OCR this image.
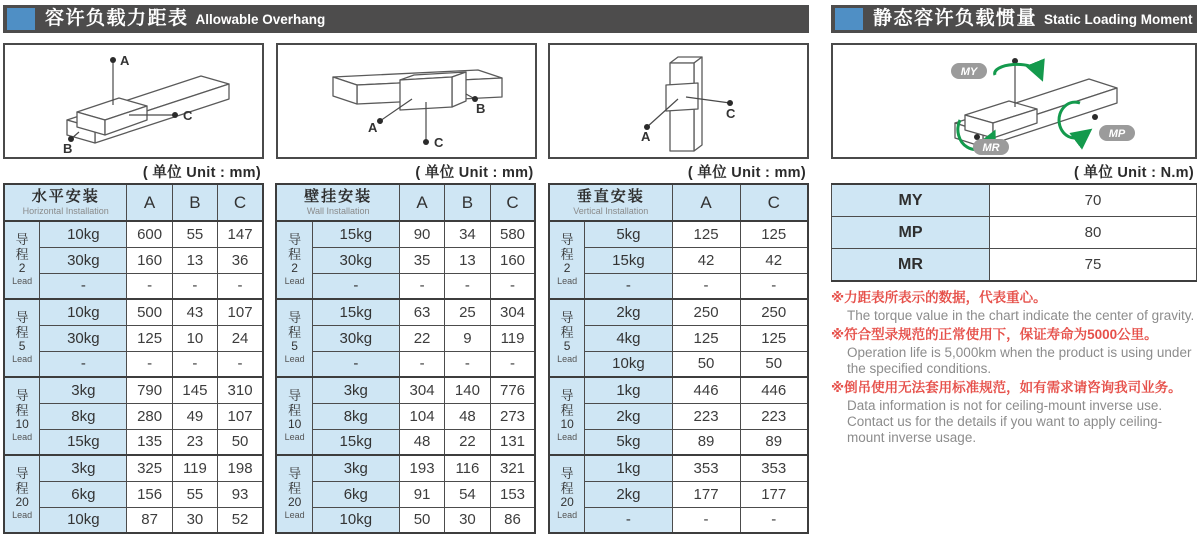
容许负载力距表 Allowable Overhang
A
C
B
( 单位 Unit : mm)
A
B
C
( 单位 Unit : mm)
A
C
( 单位 Unit : mm)
水平安装
Horizontal Installation		A	B	C

导
程
2
Lead	10kg	600	55	147
	30kg	160	13	36
	-	-	-	-

导
程
5
Lead	10kg	500	43	107
	30kg	125	10	24
	-	-	-	-

导
程
10
Lead	3kg	790	145	310
	8kg	280	49	107
	15kg	135	23	50

导
程
20
Lead	3kg	325	119	198
	6kg	156	55	93
	10kg	87	30	52
壁挂安装
Wall Installation		A	B	C

导
程
2
Lead	15kg	90	34	580
	30kg	35	13	160
	-	-	-	-

导
程
5
Lead	15kg	63	25	304
	30kg	22	9	119
	-	-	-	-

导
程
10
Lead	3kg	304	140	776
	8kg	104	48	273
	15kg	48	22	131

导
程
20
Lead	3kg	193	116	321
	6kg	91	54	153
	10kg	50	30	86
垂直安装
Vertical Installation		A	C

导
程
2
Lead	5kg	125	125
	15kg	42	42
	-	-	-

导
程
5
Lead	2kg	250	250
	4kg	125	125
	10kg	50	50

导
程
10
Lead	1kg	446	446
	2kg	223	223
	5kg	89	89

导
程
20
Lead	1kg	353	353
	2kg	177	177
	-	-	-
静态容许负载惯量 Static Loading Moment
MY
MP
MR
( 单位 Unit : N.m)
MY	70
MP	80
MR	75
※力距表所表示的数据，代表重心。
The torque value in the chart indicate the center of gravity.
※符合型录规范的正常使用下，保证寿命为5000公里。
Operation life is 5,000km when the product is using under the specified conditions.
※倒吊使用无法套用标准规范，如有需求请咨询我司业务。
Data information is not for ceiling-mount inverse use. Contact us for the details if you want to apply ceiling-mount inverse usage.
